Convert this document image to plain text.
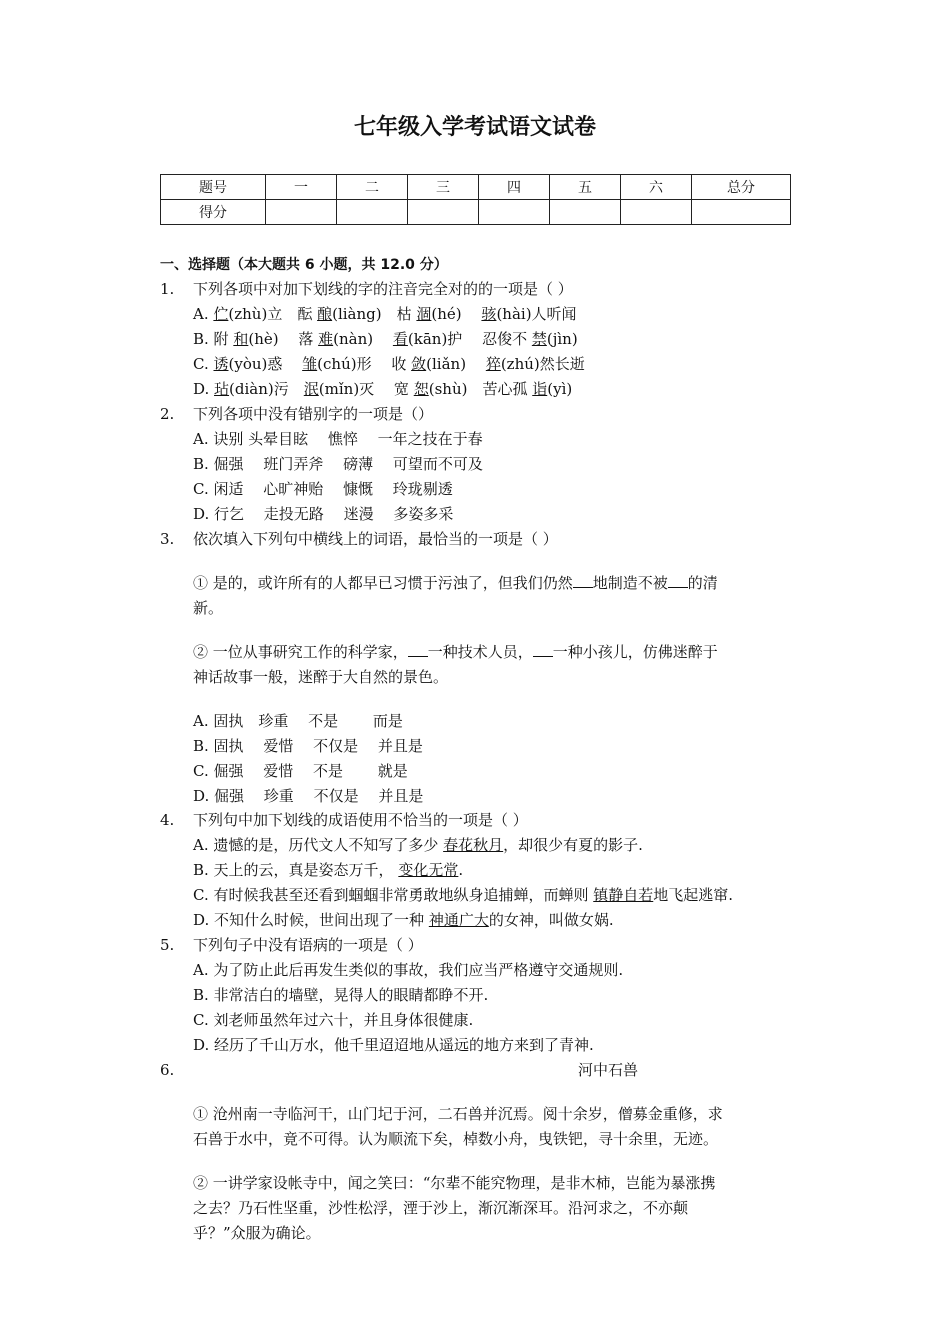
七年级入学考试语文试卷
题号	一	二	三	四	五	六	总分
得分							
一、选择题（本大题共 6 小题，共 12.0 分）
1. 下列各项中对加下划线的字的注音完全对的的一项是（ ）
A. 伫(zhù)立　酝 酿(liàng)　枯 涸(hé)　 骇(hài)人听闻
B. 附 和(hè)　 落 难(nàn)　 看(kān)护　 忍俊不 禁(jìn)
C. 诱(yòu)惑　 雏(chú)形　 收 敛(liǎn)　 猝(zhú)然长逝
D. 玷(diàn)污　泯(mǐn)灭　 宽 恕(shù)　苦心孤 诣(yì)
2. 下列各项中没有错别字的一项是（）
A. 诀别 头晕目眩　 憔悴　 一年之技在于春
B. 倔强　 班门弄斧　 磅薄　 可望而不可及
C. 闲适　 心旷神贻　 慷慨　 玲珑剔透
D. 行乞　 走投无路　 迷漫　 多姿多采
3. 依次填入下列句中横线上的词语，最恰当的一项是（ ）
① 是的，或许所有的人都早已习惯于污浊了，但我们仍然 地制造不被 的清
新。
② 一位从事研究工作的科学家， 一种技术人员， 一种小孩儿，仿佛迷醉于
神话故事一般，迷醉于大自然的景色。
A. 固执　珍重　 不是　　 而是
B. 固执　 爱惜　 不仅是　 并且是
C. 倔强　 爱惜　 不是　　 就是
D. 倔强　 珍重　 不仅是　 并且是
4. 下列句中加下划线的成语使用不恰当的一项是（ ）
A. 遗憾的是，历代文人不知写了多少 春花秋月，却很少有夏的影子.
B. 天上的云，真是姿态万千， 变化无常.
C. 有时候我甚至还看到蝈蝈非常勇敢地纵身追捕蝉，而蝉则 镇静自若地飞起逃窜.
D. 不知什么时候，世间出现了一种 神通广大的女神，叫做女娲.
5. 下列句子中没有语病的一项是（ ）
A. 为了防止此后再发生类似的事故，我们应当严格遵守交通规则.
B. 非常洁白的墙壁，晃得人的眼睛都睁不开.
C. 刘老师虽然年过六十，并且身体很健康.
D. 经历了千山万水，他千里迢迢地从遥远的地方来到了青神.
6.	河中石兽
① 沧州南一寺临河干，山门圮于河，二石兽并沉焉。阅十余岁，僧募金重修，求
石兽于水中，竟不可得。认为顺流下矣，棹数小舟，曳铁钯，寻十余里，无迹。
② 一讲学家设帐寺中，闻之笑曰：“尔辈不能究物理，是非木柿，岂能为暴涨携
之去？乃石性坚重，沙性松浮，湮于沙上，渐沉渐深耳。沿河求之，不亦颠
乎？”众服为确论。
